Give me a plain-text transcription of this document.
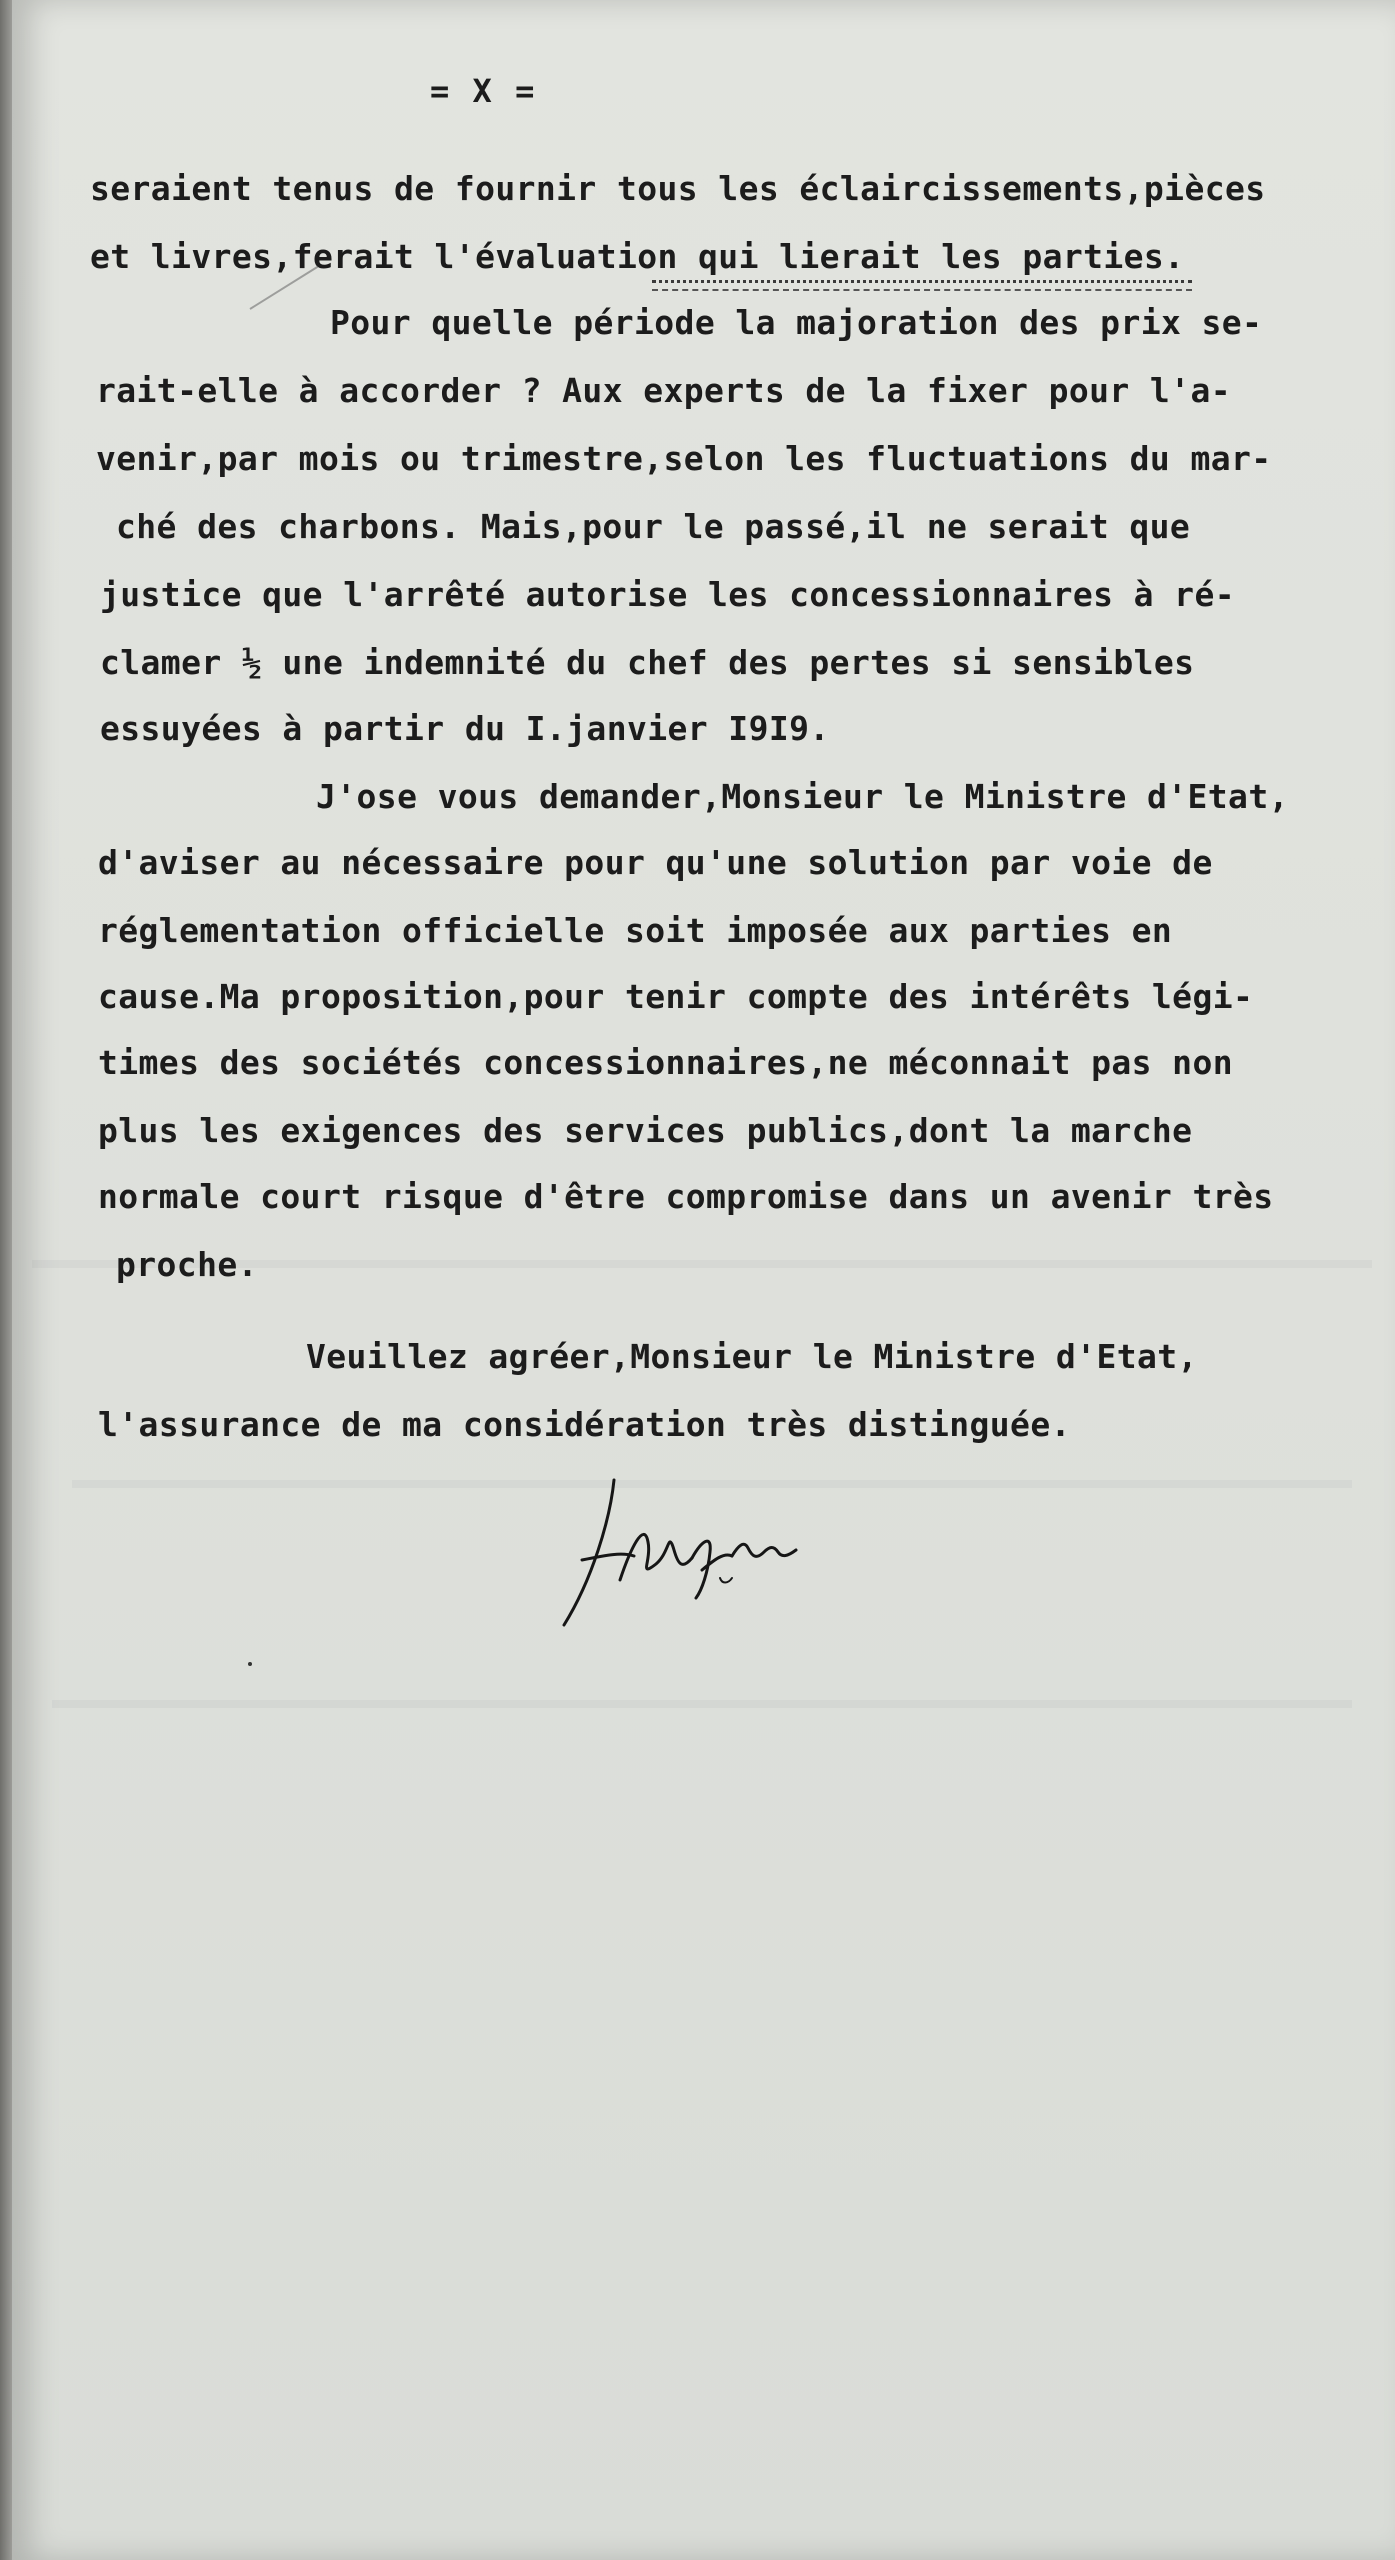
= X =
seraient tenus de fournir tous les éclaircissements,pièces
et livres,ferait l'évaluation qui lierait les parties.
Pour quelle période la majoration des prix se-
rait-elle à accorder ? Aux experts de la fixer pour l'a-
venir,par mois ou trimestre,selon les fluctuations du mar-
ché des charbons. Mais,pour le passé,il ne serait que
justice que l'arrêté autorise les concessionnaires à ré-
clamer ½ une indemnité du chef des pertes si sensibles
essuyées à partir du I.janvier I9I9.
J'ose vous demander,Monsieur le Ministre d'Etat,
d'aviser au nécessaire pour qu'une solution par voie de
réglementation officielle soit imposée aux parties en
cause.Ma proposition,pour tenir compte des intérêts légi-
times des sociétés concessionnaires,ne méconnait pas non
plus les exigences des services publics,dont la marche
normale court risque d'être compromise dans un avenir très
proche.
Veuillez agréer,Monsieur le Ministre d'Etat,
l'assurance de ma considération très distinguée.
